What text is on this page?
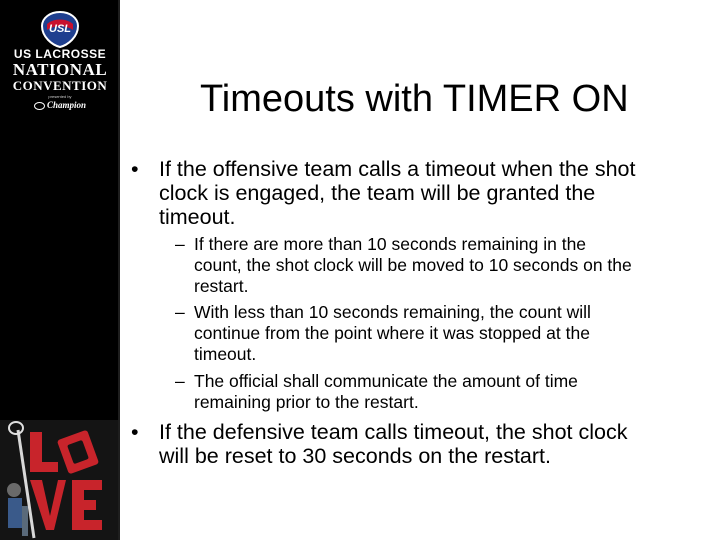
USL
US LACROSSE
NATIONAL
CONVENTION
presented by
Champion	Timeouts with TIMER ON
• If the offensive team calls a timeout when the shot
clock is engaged, the team will be granted the
timeout.
– If there are more than 10 seconds remaining in the
count, the shot clock will be moved to 10 seconds on the
restart.
– With less than 10 seconds remaining, the count will
continue from the point where it was stopped at the
timeout.
– The official shall communicate the amount of time
remaining prior to the restart.
• If the defensive team calls timeout, the shot clock
will be reset to 30 seconds on the restart.
